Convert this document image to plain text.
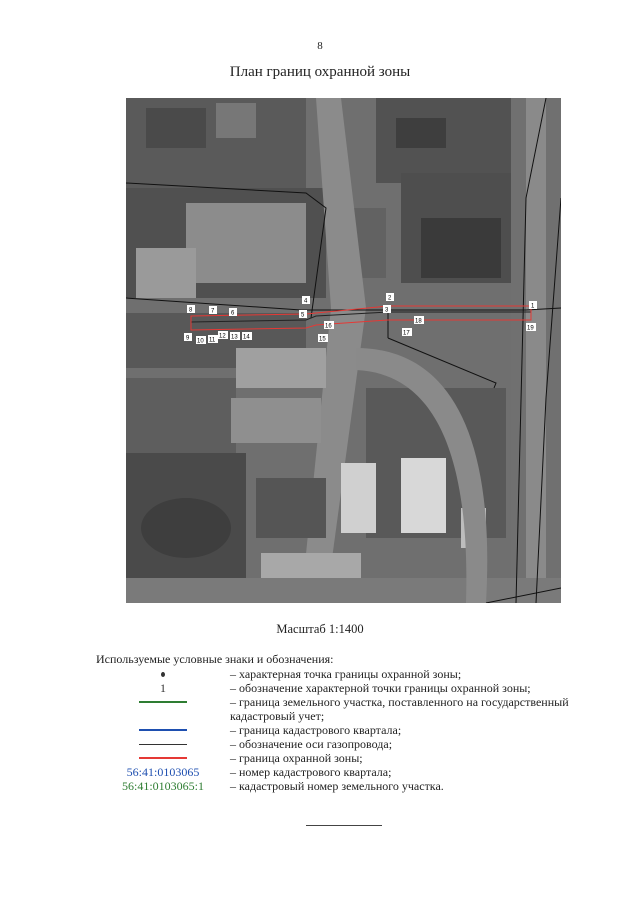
8
План границ охранной зоны
1
2
3
4
5
6
7
8
9 10 11
12 13 14	15
16
17
18
19
Масштаб 1:1400
Используемые условные знаки и обозначения:
– характерная точка границы охранной зоны;
1	– обозначение характерной точки границы охранной зоны;
– граница земельного участка, поставленного на государственный кадастровый учет;
– граница кадастрового квартала;
– обозначение оси газопровода;
– граница охранной зоны;
56:41:0103065	– номер кадастрового квартала;
56:41:0103065:1 – кадастровый номер земельного участка.
